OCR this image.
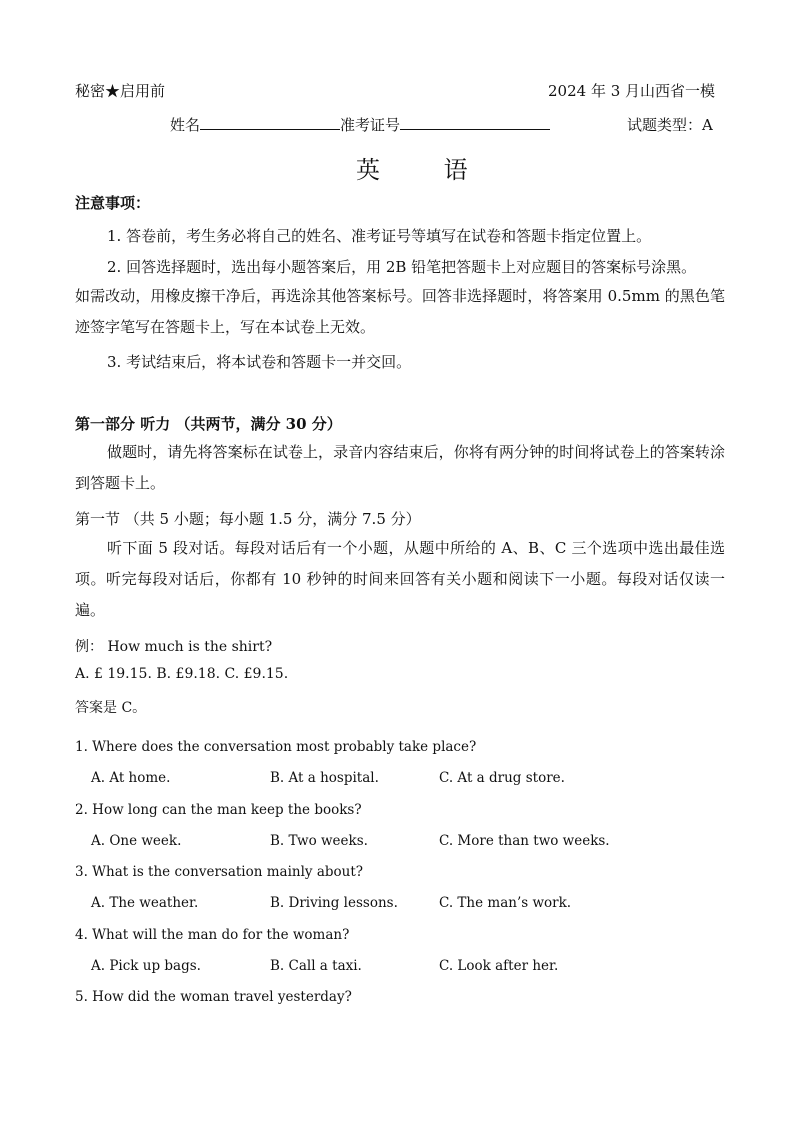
秘密★启用前	2024 年 3 月山西省一模
姓名	准考证号	试题类型：A
英 语
注意事项：
1. 答卷前，考生务必将自己的姓名、准考证号等填写在试卷和答题卡指定位置上。
2. 回答选择题时，选出每小题答案后，用 2B 铅笔把答题卡上对应题目的答案标号涂黑。
如需改动，用橡皮擦干净后，再选涂其他答案标号。回答非选择题时，将答案用 0.5mm 的黑色笔迹签字笔写在答题卡上，写在本试卷上无效。
3. 考试结束后，将本试卷和答题卡一并交回。
第一部分 听力 （共两节，满分 30 分）
做题时，请先将答案标在试卷上，录音内容结束后，你将有两分钟的时间将试卷上的答案转涂到答题卡上。
第一节 （共 5 小题；每小题 1.5 分，满分 7.5 分）
听下面 5 段对话。每段对话后有一个小题，从题中所给的 A、B、C 三个选项中选出最佳选项。听完每段对话后，你都有 10 秒钟的时间来回答有关小题和阅读下一小题。每段对话仅读一遍。
例： How much is the shirt?
A. £ 19.15. B. £9.18. C. £9.15.
答案是 C。
1. Where does the conversation most probably take place?
A. At home.	B. At a hospital.	C. At a drug store.
2. How long can the man keep the books?
A. One week.	B. Two weeks.	C. More than two weeks.
3. What is the conversation mainly about?
A. The weather.	B. Driving lessons.	C. The man’s work.
4. What will the man do for the woman?
A. Pick up bags.	B. Call a taxi.	C. Look after her.
5. How did the woman travel yesterday?
